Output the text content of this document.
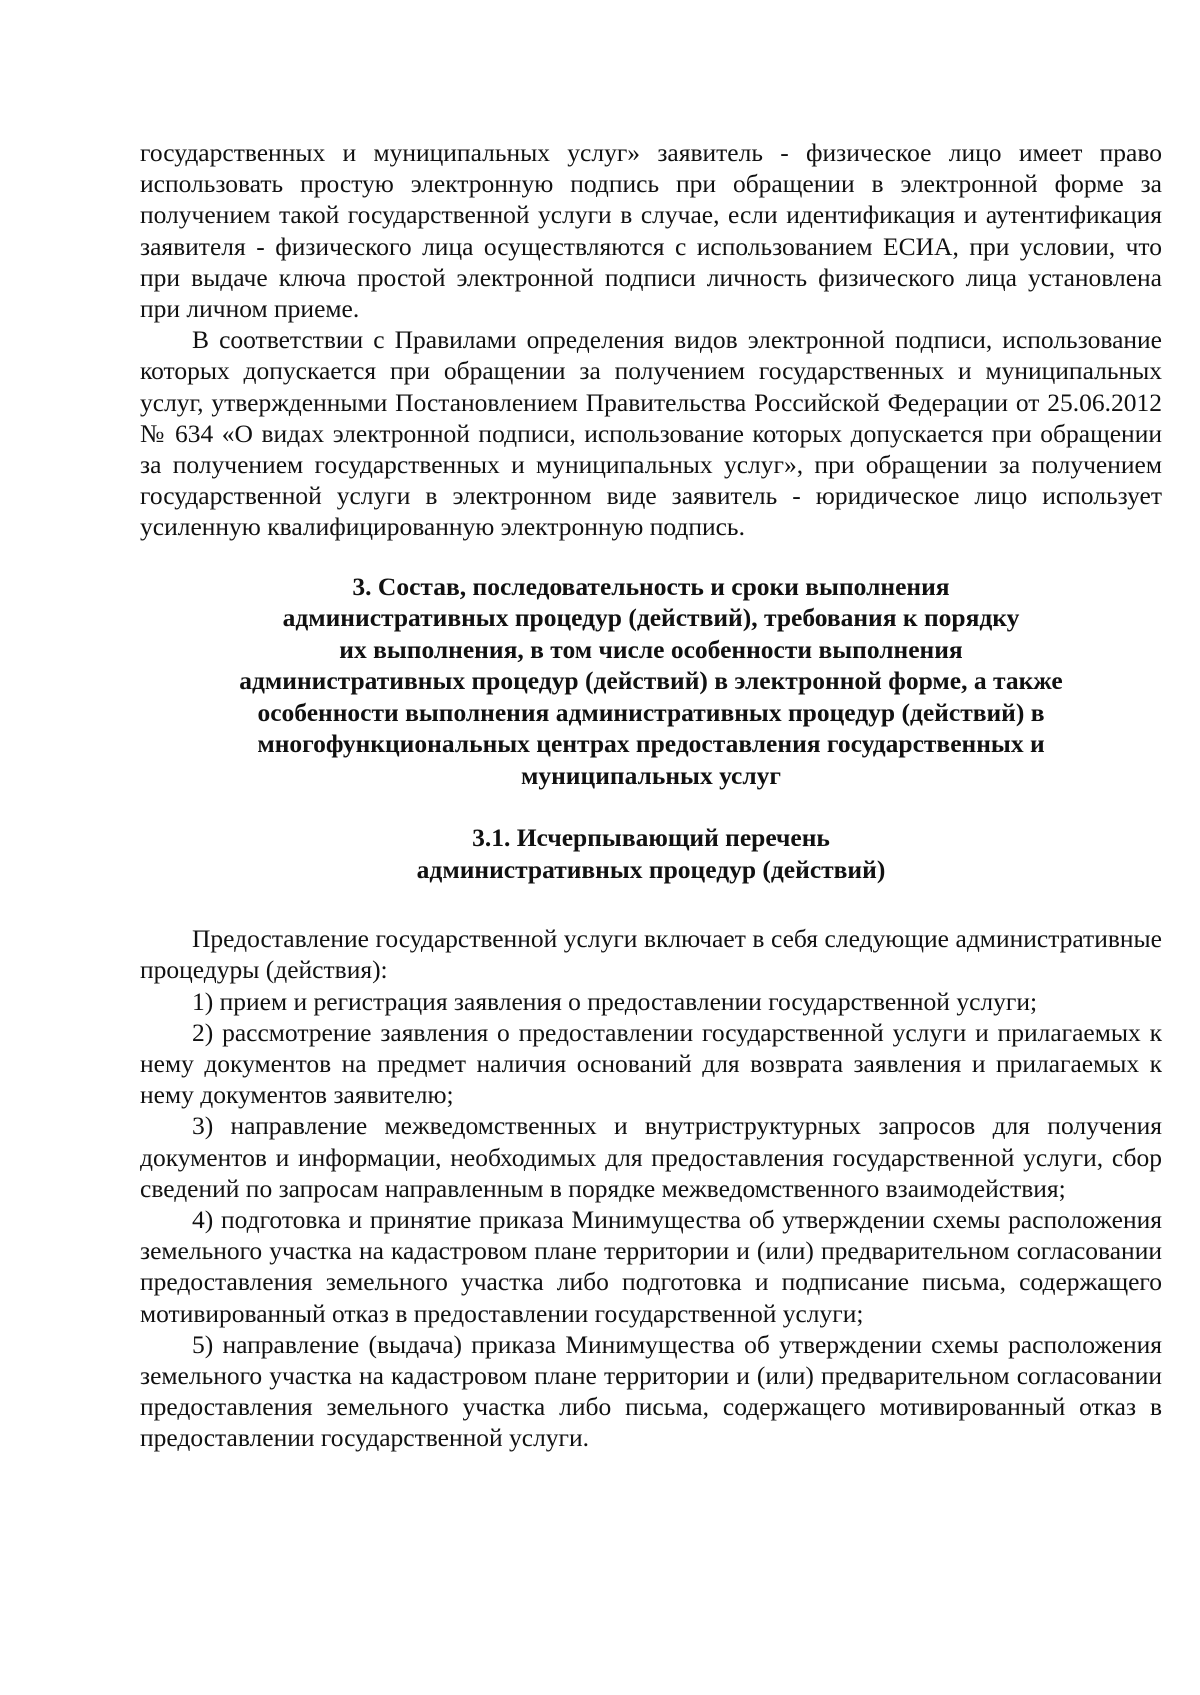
государственных и муниципальных услуг» заявитель - физическое лицо имеет право использовать простую электронную подпись при обращении в электронной форме за получением такой государственной услуги в случае, если идентификация и аутентификация заявителя - физического лица осуществляются с использованием ЕСИА, при условии, что при выдаче ключа простой электронной подписи личность физического лица установлена при личном приеме.

В соответствии с Правилами определения видов электронной подписи, использование которых допускается при обращении за получением государственных и муниципальных услуг, утвержденными Постановлением Правительства Российской Федерации от 25.06.2012 № 634 «О видах электронной подписи, использование которых допускается при обращении за получением государственных и муниципальных услуг», при обращении за получением государственной услуги в электронном виде заявитель - юридическое лицо использует усиленную квалифицированную электронную подпись.

3. Состав, последовательность и сроки выполнения
административных процедур (действий), требования к порядку
их выполнения, в том числе особенности выполнения
административных процедур (действий) в электронной форме, а также
особенности выполнения административных процедур (действий) в
многофункциональных центрах предоставления государственных и
муниципальных услуг
3.1. Исчерпывающий перечень
административных процедур (действий)

Предоставление государственной услуги включает в себя следующие административные процедуры (действия):

1) прием и регистрация заявления о предоставлении государственной услуги;

2) рассмотрение заявления о предоставлении государственной услуги и прилагаемых к нему документов на предмет наличия оснований для возврата заявления и прилагаемых к нему документов заявителю;

3) направление межведомственных и внутриструктурных запросов для получения документов и информации, необходимых для предоставления государственной услуги, сбор сведений по запросам направленным в порядке межведомственного взаимодействия;

4) подготовка и принятие приказа Минимущества об утверждении схемы расположения земельного участка на кадастровом плане территории и (или) предварительном согласовании предоставления земельного участка либо подготовка и подписание письма, содержащего мотивированный отказ в предоставлении государственной услуги;

5) направление (выдача) приказа Минимущества об утверждении схемы расположения земельного участка на кадастровом плане территории и (или) предварительном согласовании предоставления земельного участка либо письма, содержащего мотивированный отказ в предоставлении государственной услуги.
